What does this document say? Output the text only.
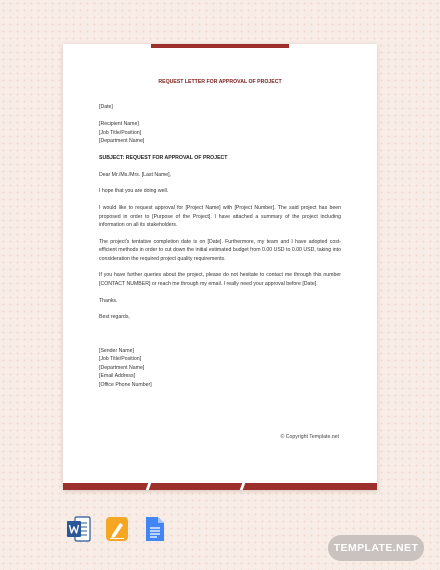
REQUEST LETTER FOR APPROVAL OF PROJECT

[Date]

[Recipient Name]

[Job Title/Position]

[Department Name]

SUBJECT: REQUEST FOR APPROVAL OF PROJECT

Dear Mr./Ms./Mrs. [Last Name],

I hope that you are doing well.

I would like to request approval for [Project Name] with [Project Number]. The said project has been proposed in order to [Purpose of the Project]. I have attached a summary of the project including information on all its stakeholders.

The project's tentative completion date is on [Date]. Furthermore, my team and I have adopted cost-efficient methods in order to cut down the initial estimated budget from 0.00 USD to 0.00 USD, taking into consideration the required project quality requirements.

If you have further queries about the project, please do not hesitate to contact me through this number [CONTACT NUMBER] or reach me through my email. I really need your approval before [Date].

Thanks.

Best regards,

[Sender Name]

[Job Title/Position]

[Department Name]

[Email Address]

[Office Phone Number]

© Copyright Template.net
TEMPLATE.NET
